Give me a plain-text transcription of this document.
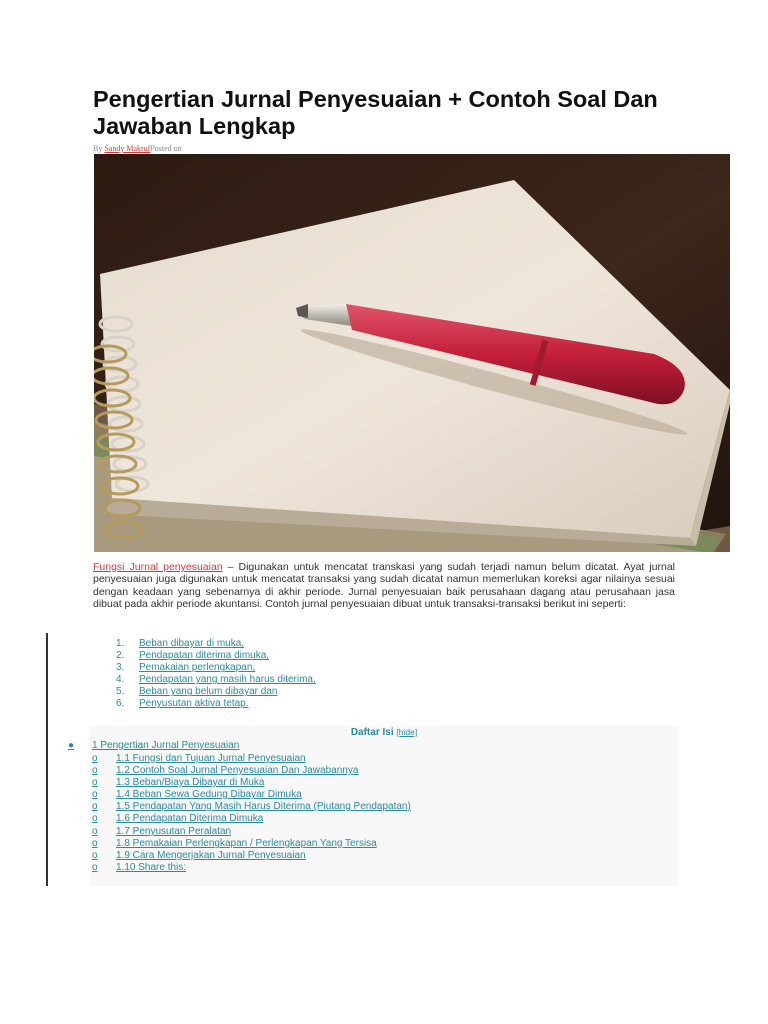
Pengertian Jurnal Penyesuaian + Contoh Soal Dan Jawaban Lengkap
By Sandy MakrufPosted on

Fungsi Jurnal penyesuaian – Digunakan untuk mencatat transkasi yang sudah terjadi namun belum dicatat. Ayat jurnal penyesuaian juga digunakan untuk mencatat transaksi yang sudah dicatat namun memerlukan koreksi agar nilainya sesuai dengan keadaan yang sebenarnya di akhir periode. Jurnal penyesuaian baik perusahaan dagang atau perusahaan jasa dibuat pada akhir periode akuntansi. Contoh jurnal penyesuaian dibuat untuk transaksi-transaksi berikut ini seperti:

1. Beban dibayar di muka,
2. Pendapatan diterima dimuka,
3. Pemakaian perlengkapan,
4. Pendapatan yang masih harus diterima,
5. Beban yang belum dibayar dan
6. Penyusutan aktiva tetap.
Daftar Isi [hide]
● 1 Pengertian Jurnal Penyesuaian
o 1.1 Fungsi dan Tujuan Jurnal Penyesuaian
o 1.2 Contoh Soal Jurnal Penyesuaian Dan Jawabannya
o 1.3 Beban/Biaya Dibayar di Muka
o 1.4 Beban Sewa Gedung Dibayar Dimuka
o 1.5 Pendapatan Yang Masih Harus Diterima (Piutang Pendapatan)
o 1.6 Pendapatan Diterima Dimuka
o 1.7 Penyusutan Peralatan
o 1.8 Pemakaian Perlengkapan / Perlengkapan Yang Tersisa
o 1.9 Cara Mengerjakan Jurnal Penyesuaian
o 1.10 Share this:
